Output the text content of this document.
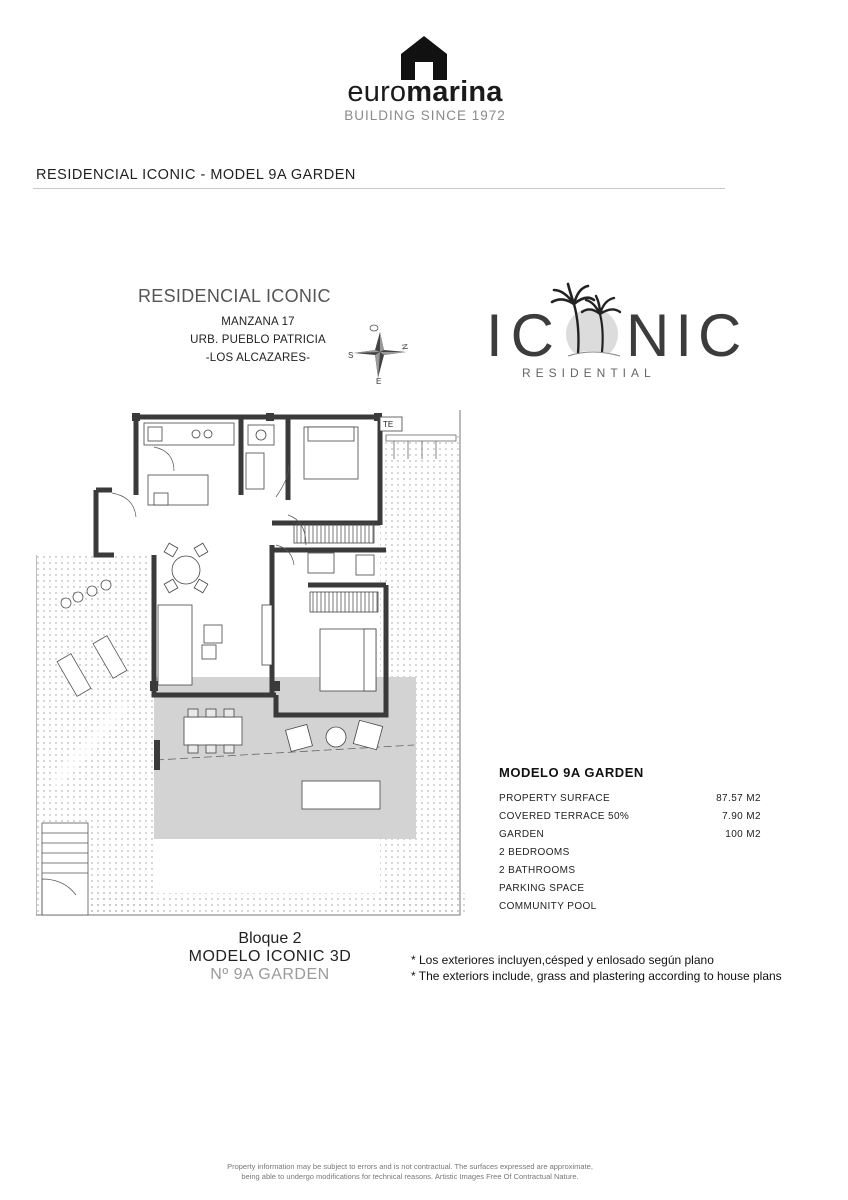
euromarina
BUILDING SINCE 1972
RESIDENCIAL ICONIC - MODEL 9A GARDEN
RESIDENCIAL ICONIC
MANZANA 17
URB. PUEBLO PATRICIA
-LOS ALCAZARES-	S
N
E
IC NIC
RESIDENTIAL
TE
Bloque 2
MODELO ICONIC 3D
Nº 9A GARDEN
* Los exteriores incluyen,césped y enlosado según plano
* The exteriors include, grass and plastering according to house plans
MODELO 9A GARDEN
PROPERTY SURFACE	87.57 M2
COVERED TERRACE 50%	7.90 M2
GARDEN	100 M2
2 BEDROOMS
2 BATHROOMS
PARKING SPACE
COMMUNITY POOL
Property information may be subject to errors and is not contractual. The surfaces expressed are approximate,
being able to undergo modifications for technical reasons. Artistic Images Free Of Contractual Nature.
